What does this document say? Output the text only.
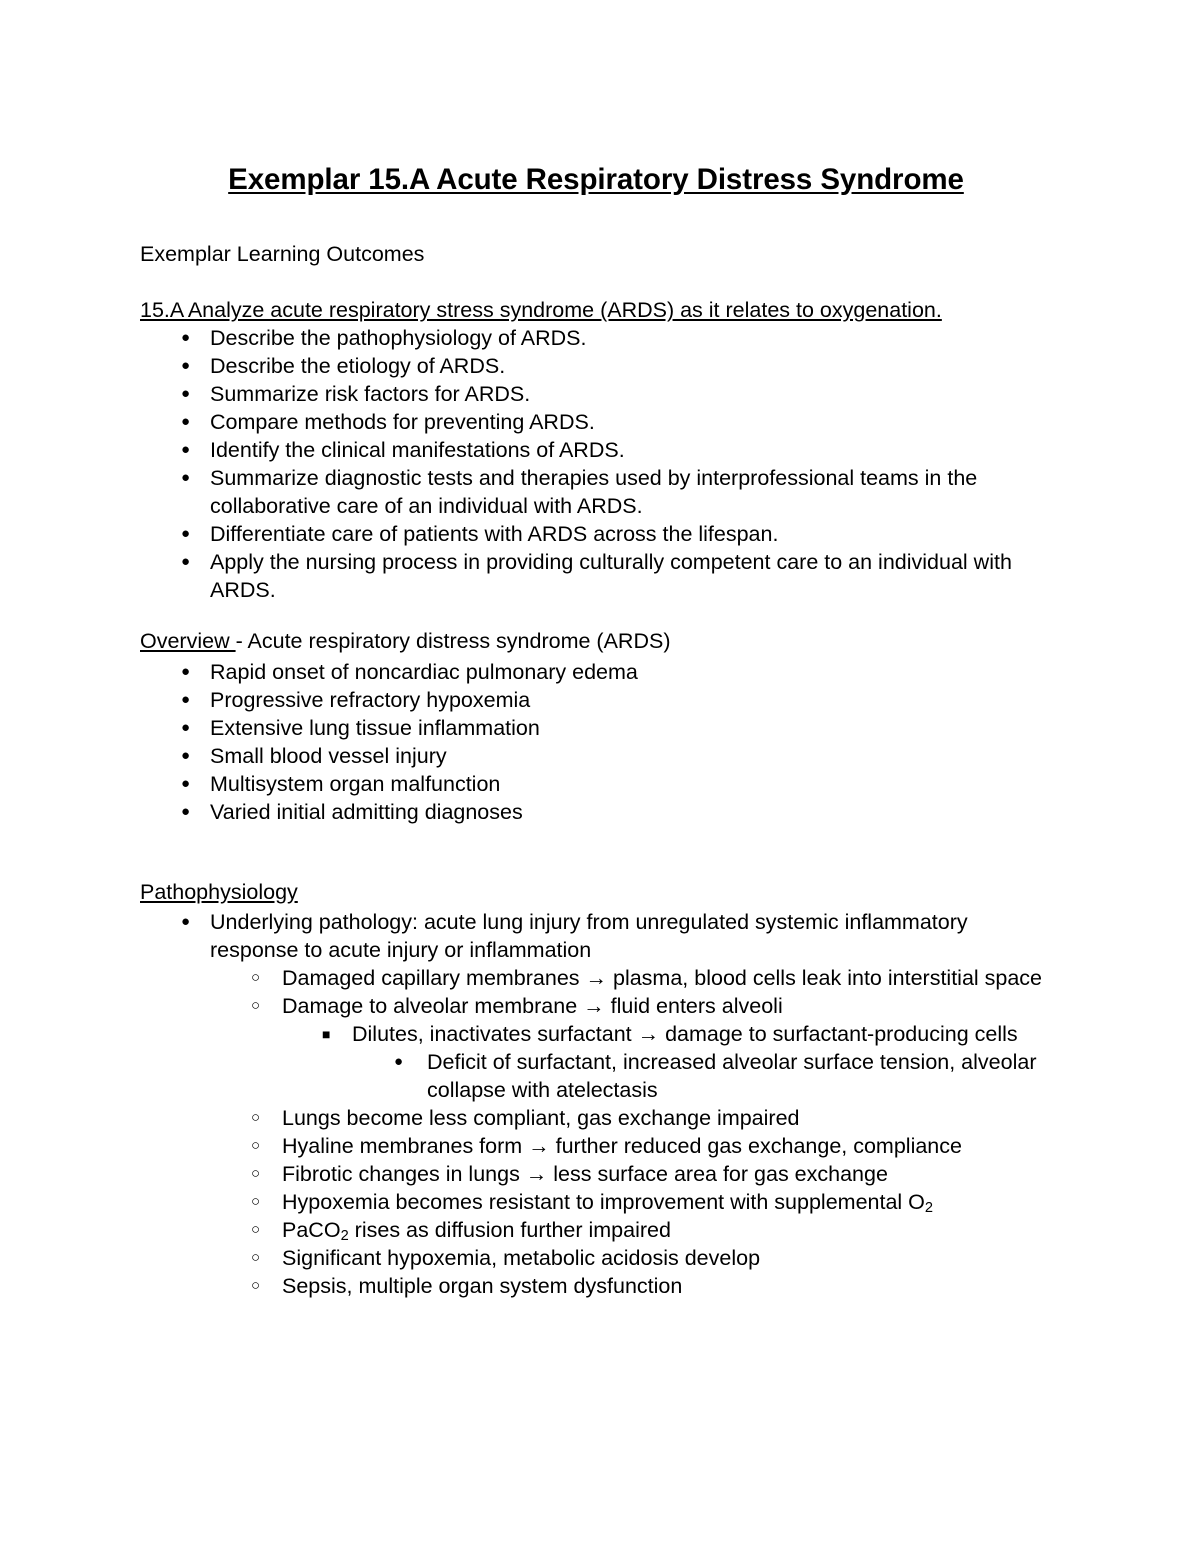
Exemplar 15.A Acute Respiratory Distress Syndrome

Exemplar Learning Outcomes

15.A Analyze acute respiratory stress syndrome (ARDS) as it relates to oxygenation.

● Describe the pathophysiology of ARDS.
● Describe the etiology of ARDS.
● Summarize risk factors for ARDS.
● Compare methods for preventing ARDS.
● Identify the clinical manifestations of ARDS.
● Summarize diagnostic tests and therapies used by interprofessional teams in the collaborative care of an individual with ARDS.
● Differentiate care of patients with ARDS across the lifespan.
● Apply the nursing process in providing culturally competent care to an individual with ARDS.

Overview - Acute respiratory distress syndrome (ARDS)

● Rapid onset of noncardiac pulmonary edema
● Progressive refractory hypoxemia
● Extensive lung tissue inflammation
● Small blood vessel injury
● Multisystem organ malfunction
● Varied initial admitting diagnoses

Pathophysiology

● Underlying pathology: acute lung injury from unregulated systemic inflammatory response to acute injury or inflammation
○ Damaged capillary membranes → plasma, blood cells leak into interstitial space
○ Damage to alveolar membrane → fluid enters alveoli
■ Dilutes, inactivates surfactant → damage to surfactant-producing cells
● Deficit of surfactant, increased alveolar surface tension, alveolar collapse with atelectasis
○ Lungs become less compliant, gas exchange impaired
○ Hyaline membranes form → further reduced gas exchange, compliance
○ Fibrotic changes in lungs → less surface area for gas exchange
○ Hypoxemia becomes resistant to improvement with supplemental $O_2$
○ PaCO$_2$ rises as diffusion further impaired
○ Significant hypoxemia, metabolic acidosis develop
○ Sepsis, multiple organ system dysfunction
